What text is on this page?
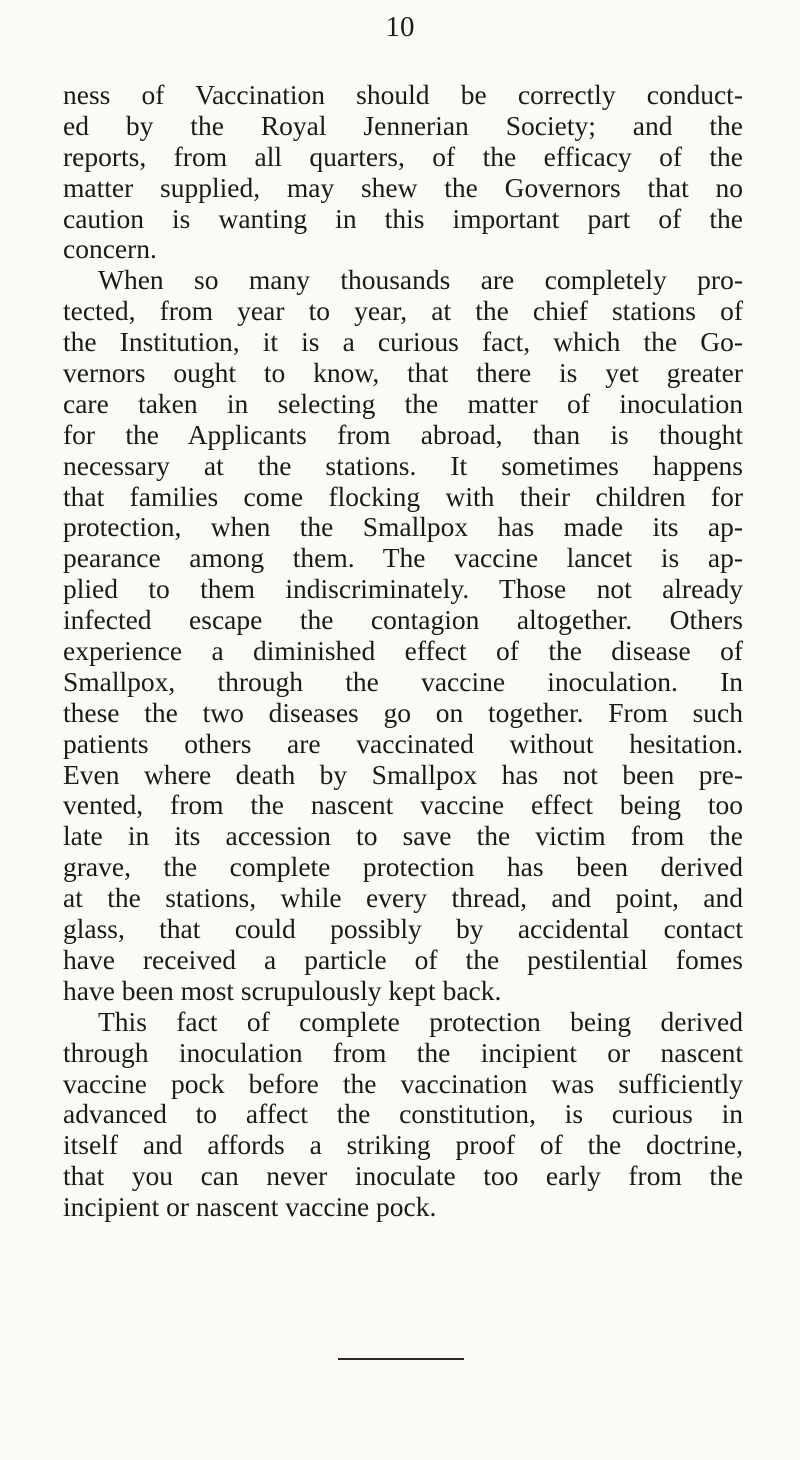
10
ness of Vaccination should be correctly conduct-
ed by the Royal Jennerian Society; and the
reports, from all quarters, of the efficacy of the
matter supplied, may shew the Governors that no
caution is wanting in this important part of the
concern.
When so many thousands are completely pro-
tected, from year to year, at the chief stations of
the Institution, it is a curious fact, which the Go-
vernors ought to know, that there is yet greater
care taken in selecting the matter of inoculation
for the Applicants from abroad, than is thought
necessary at the stations. It sometimes happens
that families come flocking with their children for
protection, when the Smallpox has made its ap-
pearance among them. The vaccine lancet is ap-
plied to them indiscriminately. Those not already
infected escape the contagion altogether. Others
experience a diminished effect of the disease of
Smallpox, through the vaccine inoculation. In
these the two diseases go on together. From such
patients others are vaccinated without hesitation.
Even where death by Smallpox has not been pre-
vented, from the nascent vaccine effect being too
late in its accession to save the victim from the
grave, the complete protection has been derived
at the stations, while every thread, and point, and
glass, that could possibly by accidental contact
have received a particle of the pestilential fomes
have been most scrupulously kept back.
This fact of complete protection being derived
through inoculation from the incipient or nascent
vaccine pock before the vaccination was sufficiently
advanced to affect the constitution, is curious in
itself and affords a striking proof of the doctrine,
that you can never inoculate too early from the
incipient or nascent vaccine pock.
